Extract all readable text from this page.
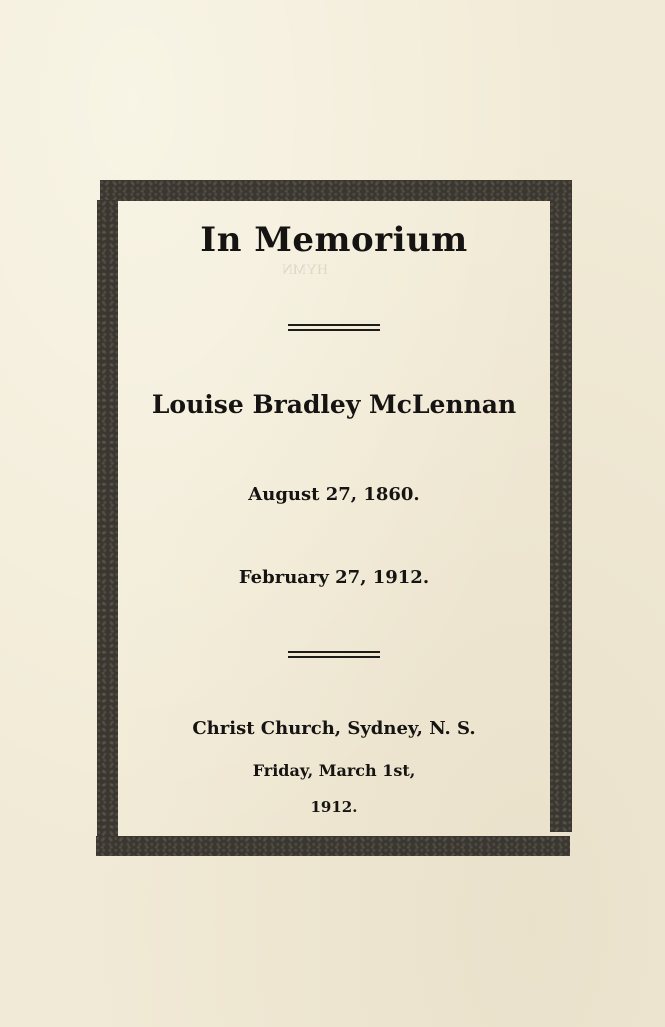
HYMN
In Memorium
Louise Bradley McLennan
August 27, 1860.
February 27, 1912.
Christ Church, Sydney, N. S.
Friday, March 1st,
1912.
